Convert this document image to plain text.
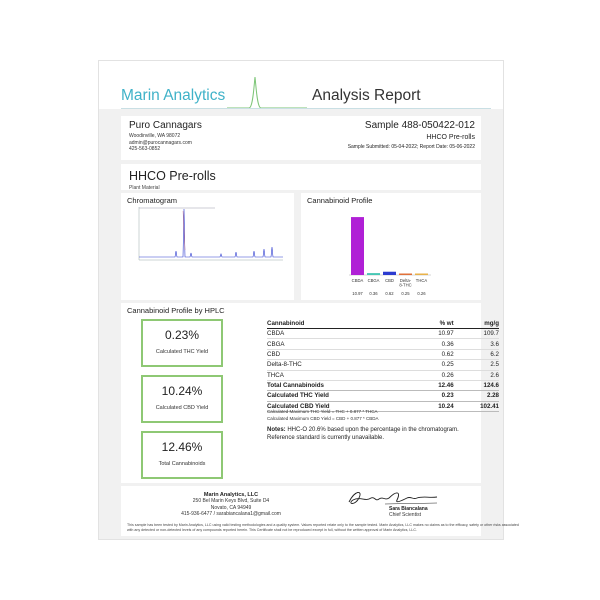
Marin Analytics	Analysis Report
Puro Cannagars
Woodinville, WA 98072
admin@purocannagars.com
425-563-0852
Sample 488-050422-012
HHCO Pre-rolls
Sample Submitted: 05-04-2022; Report Date: 05-06-2022
HHCO Pre-rolls
Plant Material
Chromatogram	Cannabinoid Profile
CBDA
10.97
CBGA
0.36
CBD
0.62
Delta-8-THC
0.25
THCA
0.26
Cannabinoid Profile by HPLC
0.23%
Calculated THC Yield
10.24%
Calculated CBD Yield
12.46%
Total Cannabinoids
Cannabinoid	% wt	mg/g
CBDA	10.97	109.7
CBGA	0.36	3.6
CBD	0.62	6.2
Delta-8-THC	0.25	2.5
THCA	0.26	2.6
Total Cannabinoids	12.46	124.6
Calculated THC Yield	0.23	2.28
Calculated CBD Yield	10.24	102.41
Calculated Maximum THC Yield = THC + 0.877 * THCA
Calculated Maximum CBD Yield = CBD + 0.877 * CBDA
Notes: HHC-O 20.6% based upon the percentage in the chromatogram. Reference standard is currently unavailable.
Marin Analytics, LLC
250 Bel Marin Keys Blvd, Suite D4
Novato, CA 94949
415-936-6477 / sarabiancalana1@gmail.com
Sara Biancalana
Chief Scientist
This sample has been tested by Marin Analytics, LLC using valid testing methodologies and a quality system. Values reported relate only to the sample tested. Marin Analytics, LLC makes no claims as to the efficacy, safety or other risks associated with any detected or non-detected levels of any compounds reported herein. This Certificate shall not be reproduced except in full, without the written approval of Marin Analytics, LLC.
